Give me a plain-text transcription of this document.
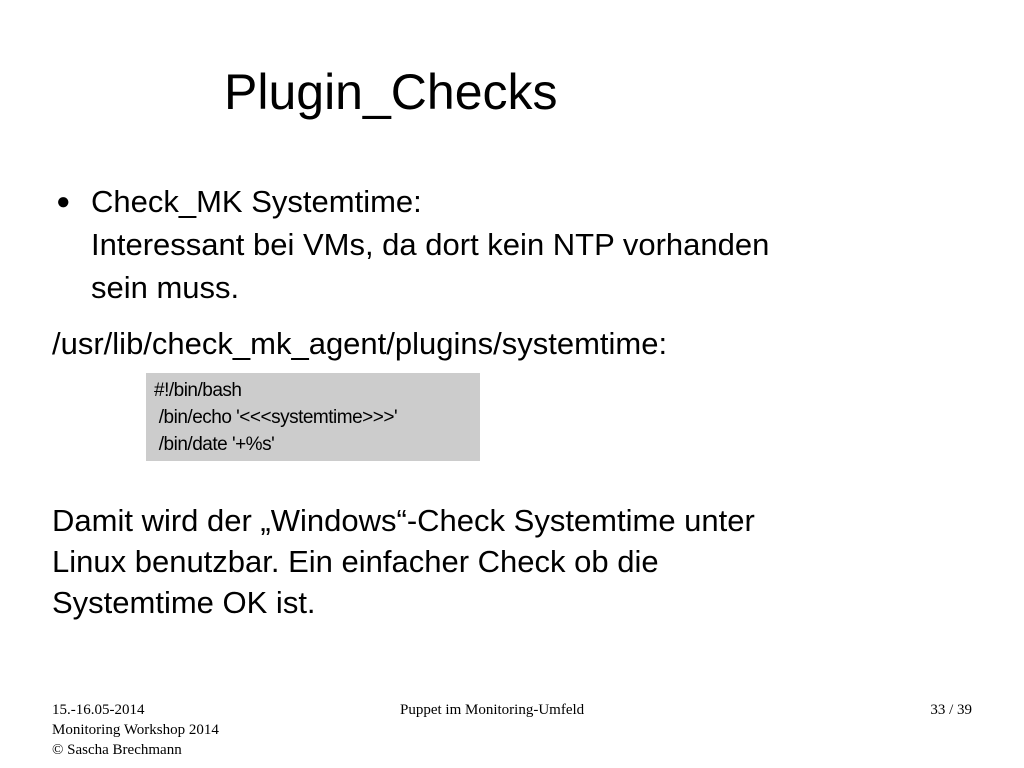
Plugin_Checks
● Check_MK Systemtime:
Interessant bei VMs, da dort kein NTP vorhanden
sein muss.
/usr/lib/check_mk_agent/plugins/systemtime:
#!/bin/bash
/bin/echo '<<<systemtime>>>'
/bin/date '+%s'
Damit wird der „Windows“-Check Systemtime unter
Linux benutzbar. Ein einfacher Check ob die
Systemtime OK ist.
15.-16.05-2014
Monitoring Workshop 2014
© Sascha Brechmann
Puppet im Monitoring-Umfeld	33 / 39
